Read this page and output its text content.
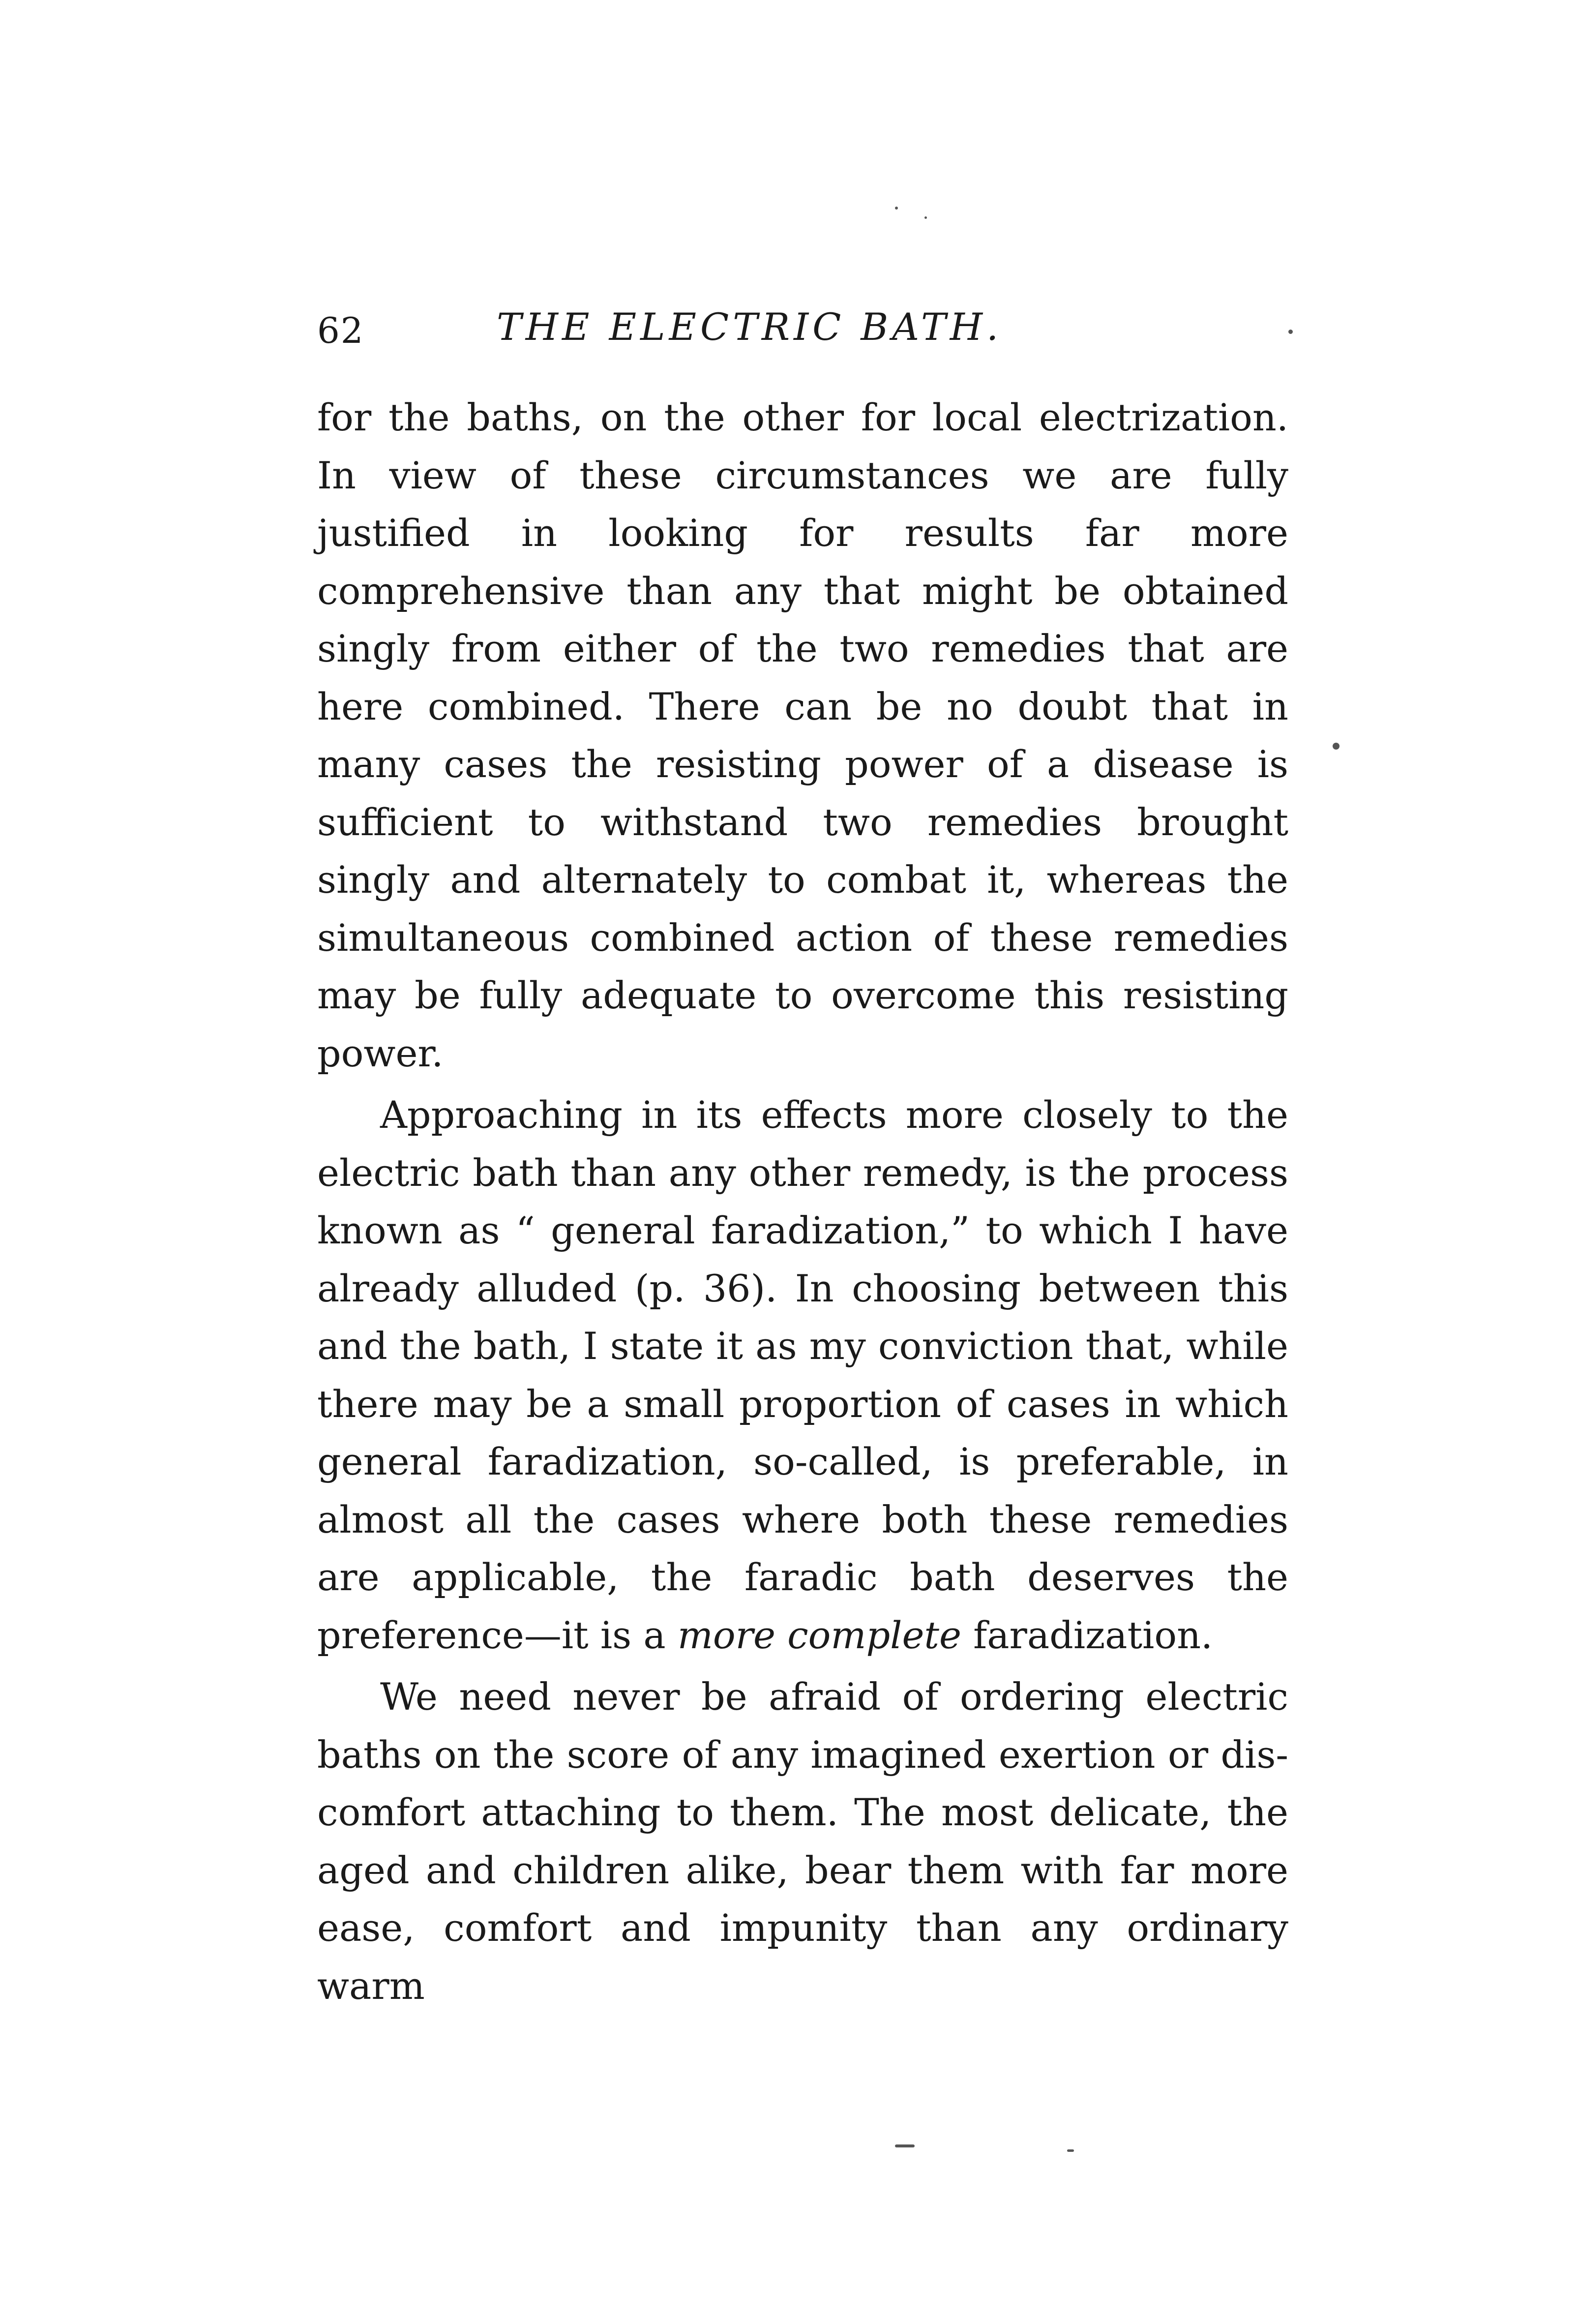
62	THE ELECTRIC BATH.

for the baths, on the other for local electrization. In view of these circumstances we are fully justified in looking for results far more comprehensive than any that might be obtained singly from either of the two remedies that are here combined. There can be no doubt that in many cases the resisting power of a disease is sufficient to withstand two remedies brought singly and alternately to combat it, whereas the simultaneous combined action of these remedies may be fully adequate to overcome this resisting power.

Approaching in its effects more closely to the electric bath than any other remedy, is the process known as “ general faradization,” to which I have already alluded (p. 36). In choosing between this and the bath, I state it as my conviction that, while there may be a small proportion of cases in which general faradization, so-called, is preferable, in almost all the cases where both these remedies are applicable, the faradic bath deserves the preference—it is a more complete faradization.

We need never be afraid of ordering electric baths on the score of any imagined exertion or dis-comfort attaching to them. The most delicate, the aged and children alike, bear them with far more ease, comfort and impunity than any ordinary warm
